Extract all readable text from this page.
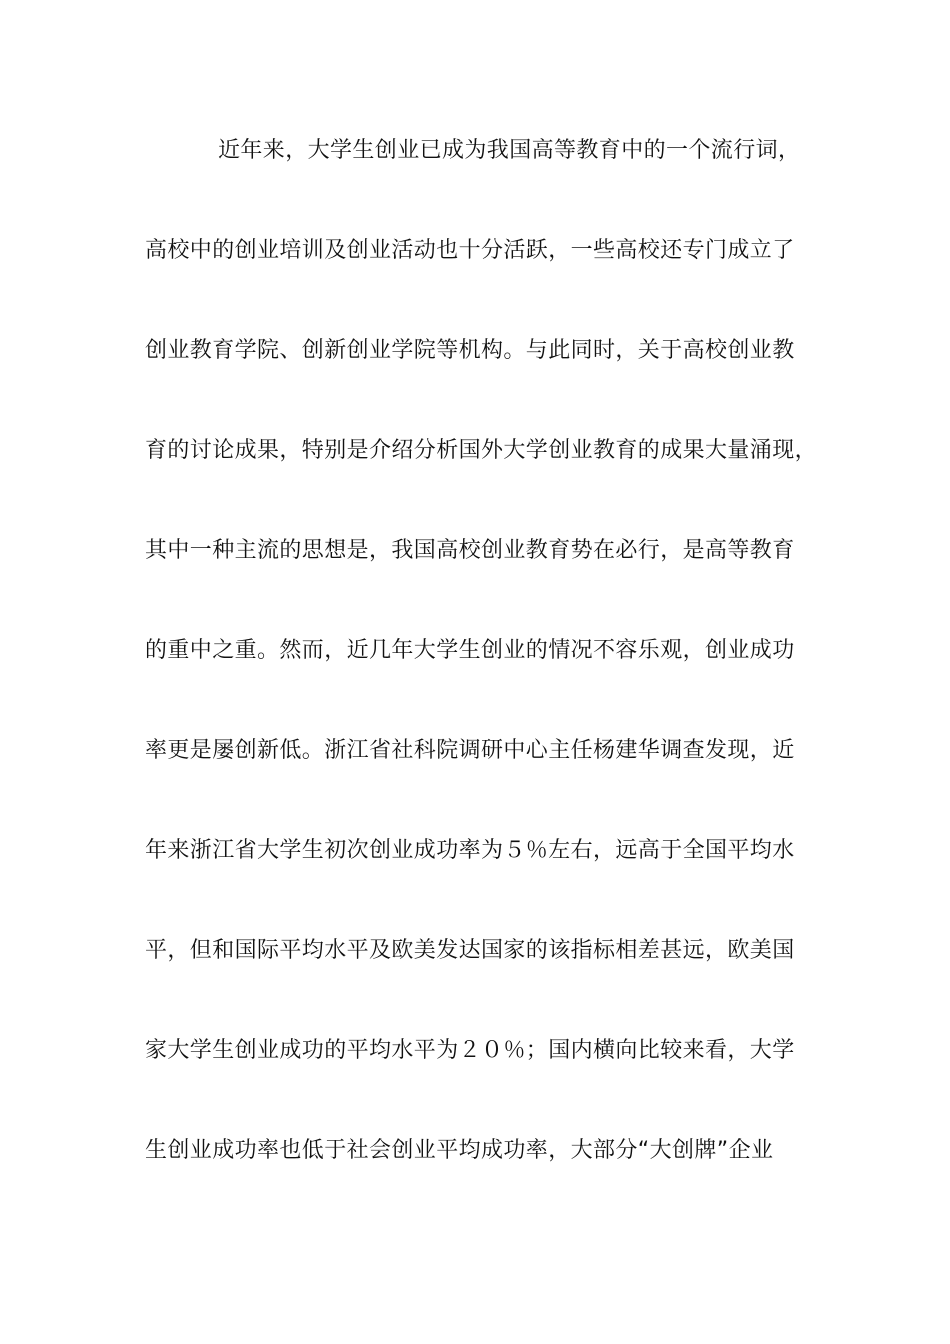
近年来，大学生创业已成为我国高等教育中的一个流行词，
高校中的创业培训及创业活动也十分活跃，一些高校还专门成立了
创业教育学院、创新创业学院等机构。与此同时，关于高校创业教
育的讨论成果，特别是介绍分析国外大学创业教育的成果大量涌现，
其中一种主流的思想是，我国高校创业教育势在必行，是高等教育
的重中之重。然而，近几年大学生创业的情况不容乐观，创业成功
率更是屡创新低。浙江省社科院调研中心主任杨建华调查发现，近
年来浙江省大学生初次创业成功率为５％左右，远高于全国平均水
平，但和国际平均水平及欧美发达国家的该指标相差甚远，欧美国
家大学生创业成功的平均水平为２０％；国内横向比较来看，大学
生创业成功率也低于社会创业平均成功率，大部分“大创牌”企业
